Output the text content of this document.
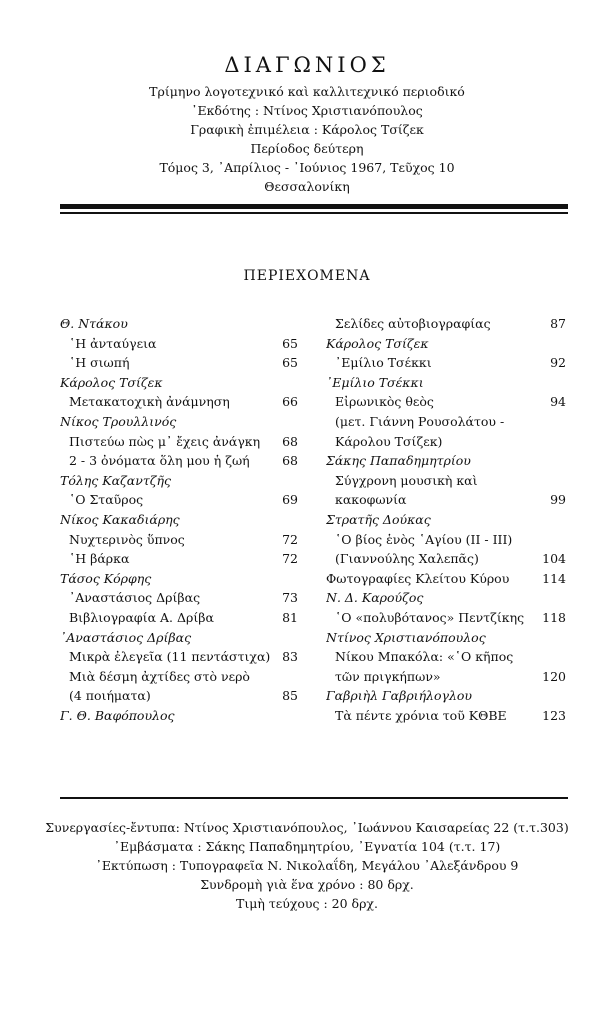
ΔΙΑΓΩΝΙΟΣ
Τρίμηνο λογοτεχνικό καὶ καλλιτεχνικό περιοδικό
᾿Εκδότης : Ντίνος Χριστιανόπουλος
Γραφικὴ ἐπιμέλεια : Κάρολος Τσίζεκ
Περίοδος δεύτερη
Τόμος 3, ᾿Απρίλιος - ᾿Ιούνιος 1967, Τεῦχος 10
Θεσσαλονίκη
ΠΕΡΙΕΧΟΜΕΝΑ
Θ. Ντάκου
῾Η ἀνταύγεια	65
῾Η σιωπή	65
Κάρολος Τσίζεκ
Μετακατοχικὴ ἀνάμνηση	66
Νίκος Τρουλλινός
Πιστεύω πὼς μ᾿ ἔχεις ἀνάγκη	68
2 - 3 ὀνόματα ὅλη μου ἡ ζωή	68
Τόλης Καζαντζῆς
῾Ο Σταῦρος	69
Νίκος Κακαδιάρης
Νυχτερινὸς ὕπνος	72
῾Η βάρκα	72
Τάσος Κόρφης
᾿Αναστάσιος Δρίβας	73
Βιβλιογραφία Α. Δρίβα	81
᾿Αναστάσιος Δρίβας
Μικρὰ ἐλεγεῖα (11 πεντάστιχα) 83
Μιὰ δέσμη ἀχτίδες στὸ νερὸ
(4 ποιήματα)	85
Γ. Θ. Βαφόπουλος
Σελίδες αὐτοβιογραφίας	87
Κάρολος Τσίζεκ
᾿Εμίλιο Τσέκκι	92
᾿Εμίλιο Τσέκκι
Εἰρωνικὸς θεὸς	94
(μετ. Γιάννη Ρουσολάτου -
Κάρολου Τσίζεκ)
Σάκης Παπαδημητρίου
Σύγχρονη μουσικὴ καὶ
κακοφωνία	99
Στρατῆς Δούκας
῾Ο βίος ἑνὸς ῾Αγίου (ΙΙ - ΙΙΙ)
(Γιαννούλης Χαλεπᾶς)	104
Φωτογραφίες Κλείτου Κύρου	114
Ν. Δ. Καρούζος
῾Ο «πολυβότανος» Πεντζίκης	118
Ντίνος Χριστιανόπουλος
Νίκου Μπακόλα: «῾Ο κῆπος
τῶν πριγκήπων»	120
Γαβριὴλ Γαβριήλογλου
Τὰ πέντε χρόνια τοῦ ΚΘΒΕ	123
Συνεργασίες-ἔντυπα: Ντίνος Χριστιανόπουλος, ᾿Ιωάννου Καισαρείας 22 (τ.τ.303)
᾿Εμβάσματα : Σάκης Παπαδημητρίου, ᾿Εγνατία 104 (τ.τ. 17)
᾿Εκτύπωση : Τυπογραφεῖα Ν. Νικολαΐδη, Μεγάλου ᾿Αλεξάνδρου 9
Συνδρομὴ γιὰ ἕνα χρόνο : 80 δρχ.
Τιμὴ τεύχους : 20 δρχ.
